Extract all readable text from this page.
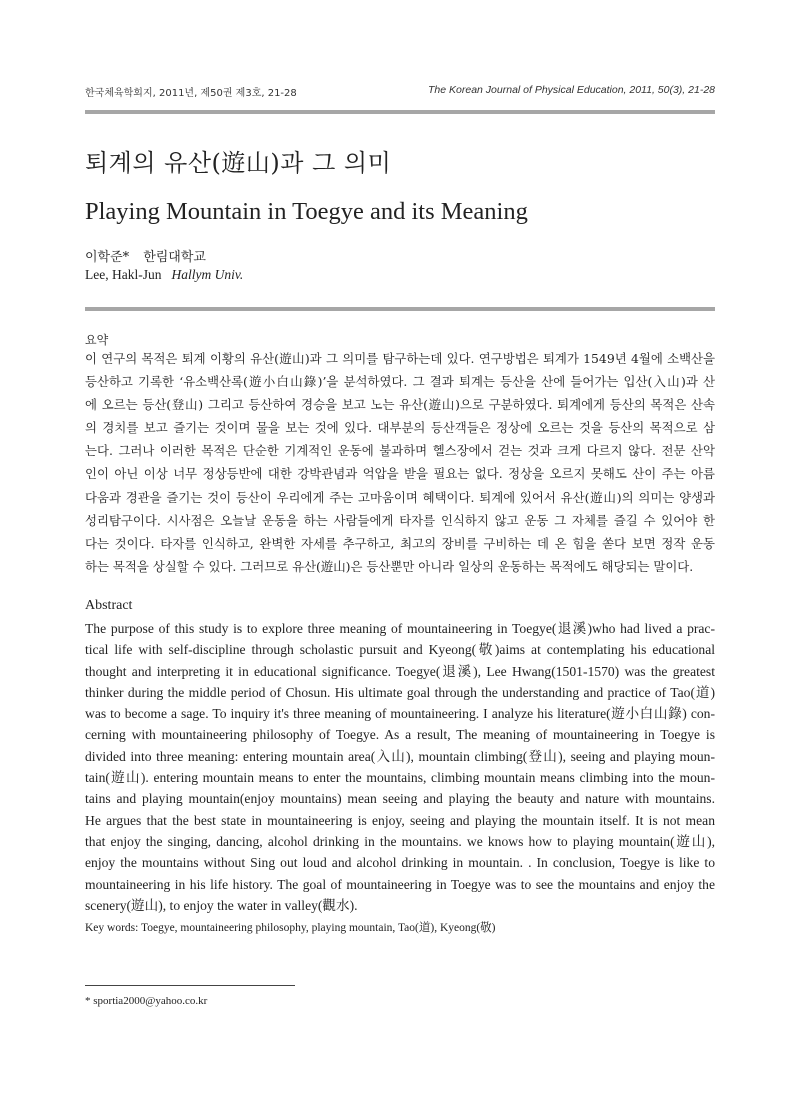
한국체육학회지, 2011년, 제50권 제3호, 21-28	The Korean Journal of Physical Education, 2011, 50(3), 21-28
퇴계의 유산(遊山)과 그 의미
Playing Mountain in Toegye and its Meaning
이학준* 한림대학교
Lee, Hakl-Jun Hallym Univ.
요약
이 연구의 목적은 퇴계 이황의 유산(遊山)과 그 의미를 탐구하는데 있다. 연구방법은 퇴계가 1549년 4월에 소백산을
등산하고 기록한 ‘유소백산록(遊小白山錄)’을 분석하였다. 그 결과 퇴계는 등산을 산에 들어가는 입산(入山)과 산
에 오르는 등산(登山) 그리고 등산하여 경승을 보고 노는 유산(遊山)으로 구분하였다. 퇴계에게 등산의 목적은 산속
의 경치를 보고 즐기는 것이며 물을 보는 것에 있다. 대부분의 등산객들은 정상에 오르는 것을 등산의 목적으로 삼
는다. 그러나 이러한 목적은 단순한 기계적인 운동에 불과하며 헬스장에서 걷는 것과 크게 다르지 않다. 전문 산악
인이 아닌 이상 너무 정상등반에 대한 강박관념과 억압을 받을 필요는 없다. 정상을 오르지 못해도 산이 주는 아름
다움과 경관을 즐기는 것이 등산이 우리에게 주는 고마움이며 혜택이다. 퇴계에 있어서 유산(遊山)의 의미는 양생과
성리탐구이다. 시사점은 오늘날 운동을 하는 사람들에게 타자를 인식하지 않고 운동 그 자체를 즐길 수 있어야 한
다는 것이다. 타자를 인식하고, 완벽한 자세를 추구하고, 최고의 장비를 구비하는 데 온 힘을 쏟다 보면 정작 운동
하는 목적을 상실할 수 있다. 그러므로 유산(遊山)은 등산뿐만 아니라 일상의 운동하는 목적에도 해당되는 말이다.
Abstract
The purpose of this study is to explore three meaning of mountaineering in Toegye(退溪)who had lived a prac-
tical life with self-discipline through scholastic pursuit and Kyeong(敬)aims at contemplating his educational
thought and interpreting it in educational significance. Toegye(退溪), Lee Hwang(1501-1570) was the greatest
thinker during the middle period of Chosun. His ultimate goal through the understanding and practice of Tao(道)
was to become a sage. To inquiry it's three meaning of mountaineering. I analyze his literature(遊小白山錄) con-
cerning with mountaineering philosophy of Toegye. As a result, The meaning of mountaineering in Toegye is
divided into three meaning: entering mountain area(入山), mountain climbing(登山), seeing and playing moun-
tain(遊山). entering mountain means to enter the mountains, climbing mountain means climbing into the moun-
tains and playing mountain(enjoy mountains) mean seeing and playing the beauty and nature with mountains.
He argues that the best state in mountaineering is enjoy, seeing and playing the mountain itself. It is not mean
that enjoy the singing, dancing, alcohol drinking in the mountains. we knows how to playing mountain(遊山),
enjoy the mountains without Sing out loud and alcohol drinking in mountain. . In conclusion, Toegye is like to
mountaineering in his life history. The goal of mountaineering in Toegye was to see the mountains and enjoy the
scenery(遊山), to enjoy the water in valley(觀水).
Key words: Toegye, mountaineering philosophy, playing mountain, Tao(道), Kyeong(敬)
* sportia2000@yahoo.co.kr
